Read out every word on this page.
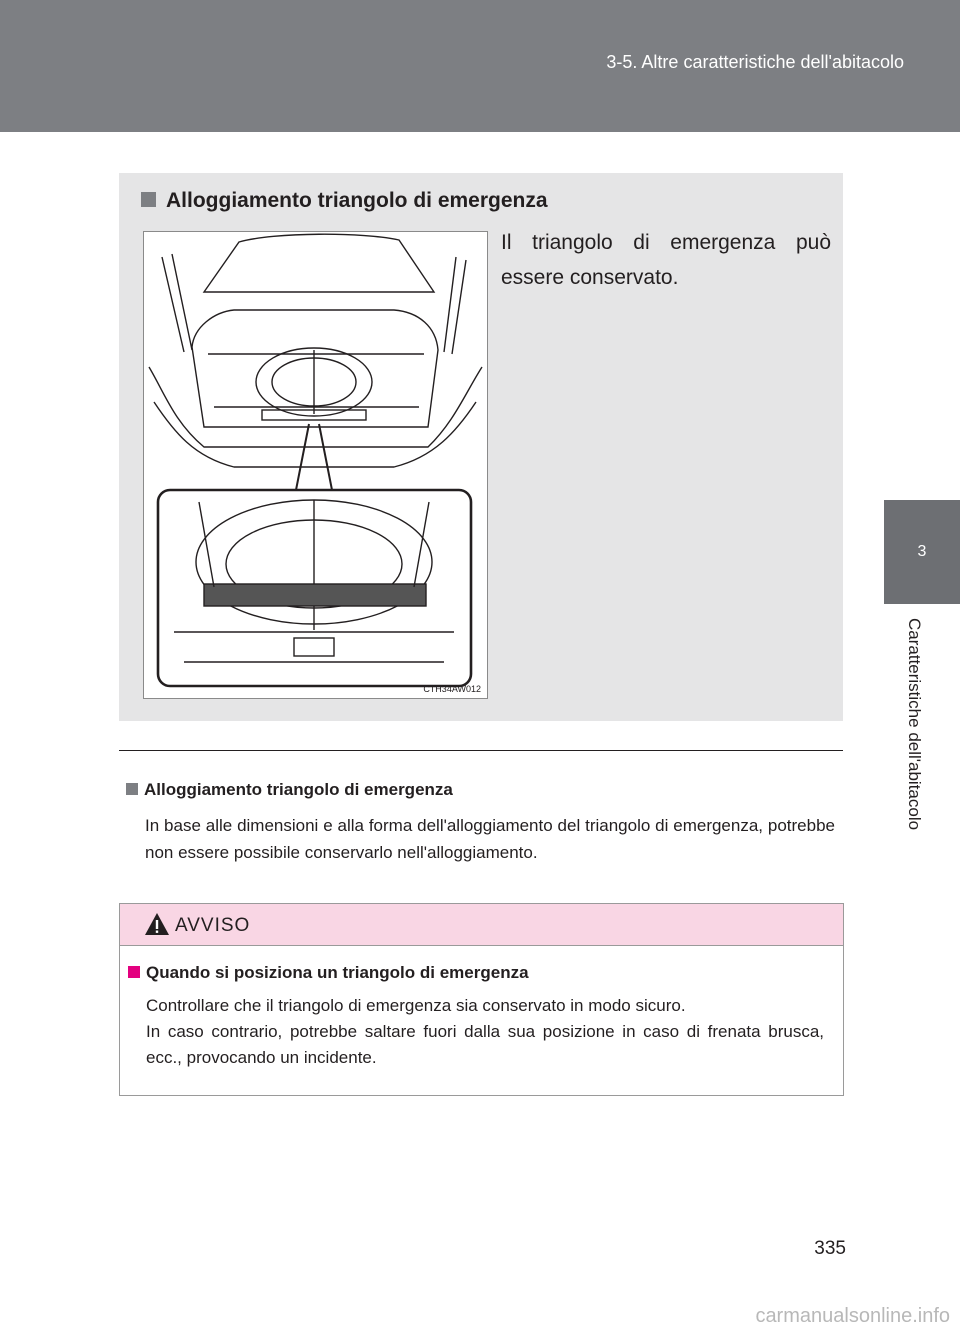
3-5. Altre caratteristiche dell'abitacolo
3
Caratteristiche dell'abitacolo
Alloggiamento triangolo di emergenza
CTH34AW012
Il triangolo di emergenza può essere conservato.
Alloggiamento triangolo di emergenza
In base alle dimensioni e alla forma dell'alloggiamento del triangolo di emergenza, potrebbe non essere possibile conservarlo nell'alloggiamento.
AVVISO
Quando si posiziona un triangolo di emergenza

Controllare che il triangolo di emergenza sia conservato in modo sicuro.

In caso contrario, potrebbe saltare fuori dalla sua posizione in caso di frenata brusca, ecc., provocando un incidente.

335
carmanualsonline.info
